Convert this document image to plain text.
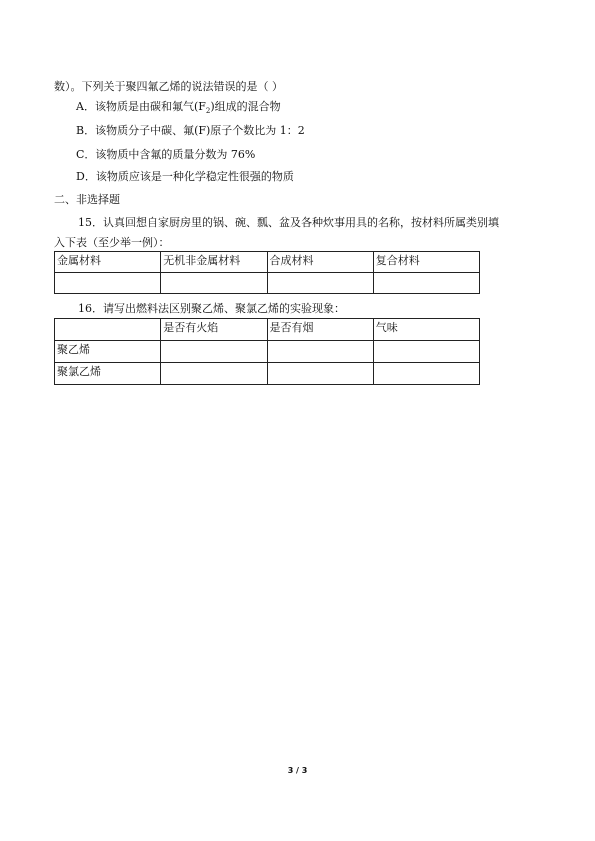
数）。下列关于聚四氟乙烯的说法错误的是（ ）
A．该物质是由碳和氟气$(F_2)$组成的混合物
B．该物质分子中碳、氟(F)原子个数比为 1：2
C．该物质中含氟的质量分数为 76%
D．该物质应该是一种化学稳定性很强的物质
二、非选择题
15．认真回想自家厨房里的锅、碗、瓢、盆及各种炊事用具的名称，按材料所属类别填
入下表（至少举一例）：
金属材料	无机非金属材料	合成材料	复合材料

16．请写出燃料法区别聚乙烯、聚氯乙烯的实验现象：
	是否有火焰	是否有烟	气味
聚乙烯			
聚氯乙烯			
3 / 3
